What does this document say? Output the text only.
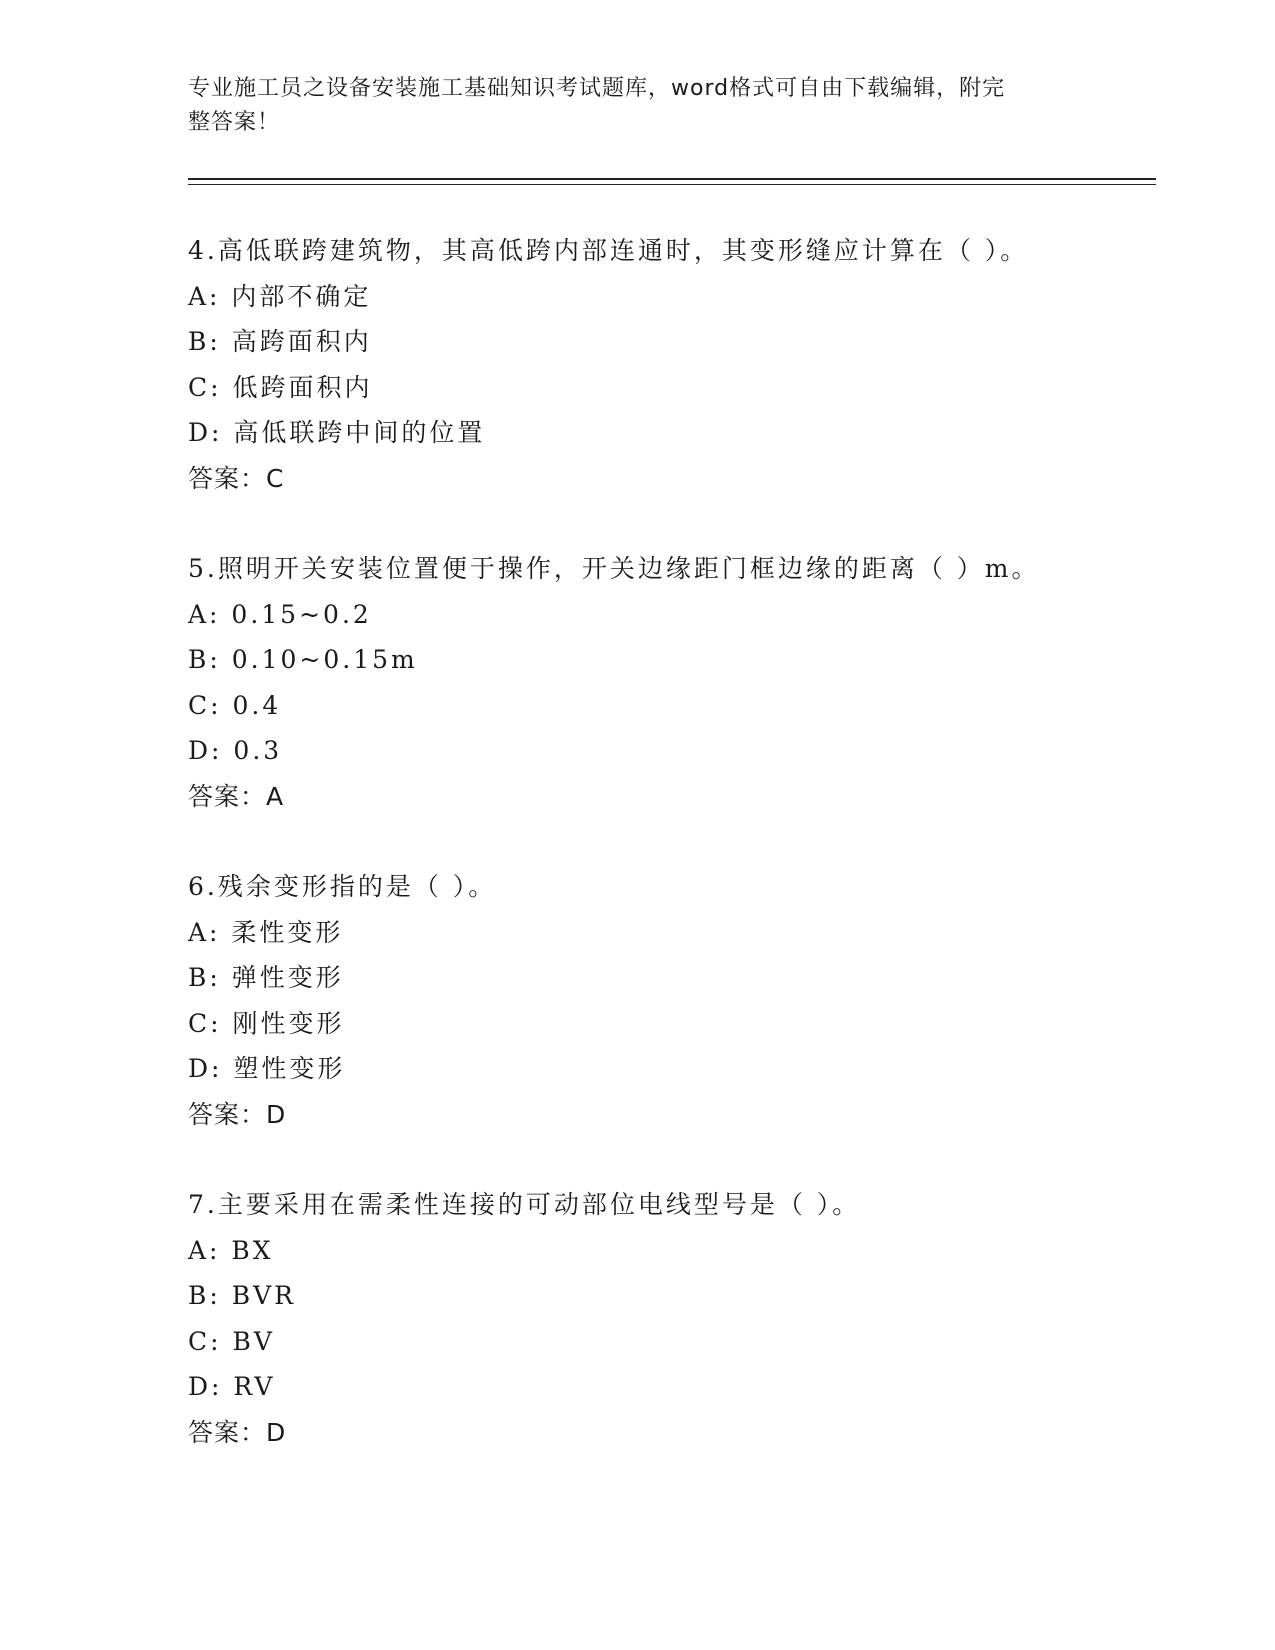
专业施工员之设备安装施工基础知识考试题库，word格式可自由下载编辑，附完
整答案！
4.高低联跨建筑物，其高低跨内部连通时，其变形缝应计算在（ ）。
A: 内部不确定
B: 高跨面积内
C: 低跨面积内
D: 高低联跨中间的位置
答案：C
5.照明开关安装位置便于操作，开关边缘距门框边缘的距离（ ）m。
A: 0.15~0.2
B: 0.10~0.15m
C: 0.4
D: 0.3
答案：A
6.残余变形指的是（ ）。
A: 柔性变形
B: 弹性变形
C: 刚性变形
D: 塑性变形
答案：D
7.主要采用在需柔性连接的可动部位电线型号是（ ）。
A: BX
B: BVR
C: BV
D: RV
答案：D
